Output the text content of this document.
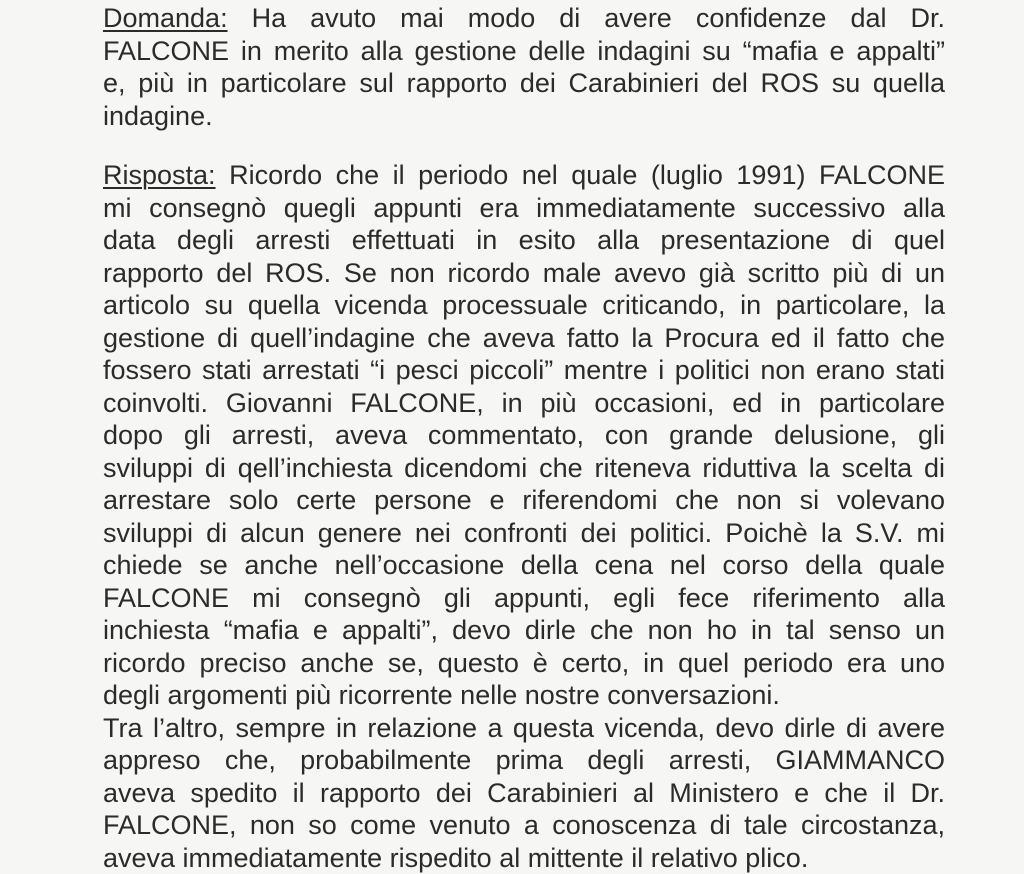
Domanda: Ha avuto mai modo di avere confidenze dal Dr.
FALCONE in merito alla gestione delle indagini su “mafia e appalti”
e, più in particolare sul rapporto dei Carabinieri del ROS su quella
indagine.

Risposta: Ricordo che il periodo nel quale (luglio 1991) FALCONE
mi consegnò quegli appunti era immediatamente successivo alla
data degli arresti effettuati in esito alla presentazione di quel
rapporto del ROS. Se non ricordo male avevo già scritto più di un
articolo su quella vicenda processuale criticando, in particolare, la
gestione di quell’indagine che aveva fatto la Procura ed il fatto che
fossero stati arrestati “i pesci piccoli” mentre i politici non erano stati
coinvolti. Giovanni FALCONE, in più occasioni, ed in particolare
dopo gli arresti, aveva commentato, con grande delusione, gli
sviluppi di qell’inchiesta dicendomi che riteneva riduttiva la scelta di
arrestare solo certe persone e riferendomi che non si volevano
sviluppi di alcun genere nei confronti dei politici. Poichè la S.V. mi
chiede se anche nell’occasione della cena nel corso della quale
FALCONE mi consegnò gli appunti, egli fece riferimento alla
inchiesta “mafia e appalti”, devo dirle che non ho in tal senso un
ricordo preciso anche se, questo è certo, in quel periodo era uno
degli argomenti più ricorrente nelle nostre conversazioni.
Tra l’altro, sempre in relazione a questa vicenda, devo dirle di avere
appreso che, probabilmente prima degli arresti, GIAMMANCO
aveva spedito il rapporto dei Carabinieri al Ministero e che il Dr.
FALCONE, non so come venuto a conoscenza di tale circostanza,
aveva immediatamente rispedito al mittente il relativo plico.
